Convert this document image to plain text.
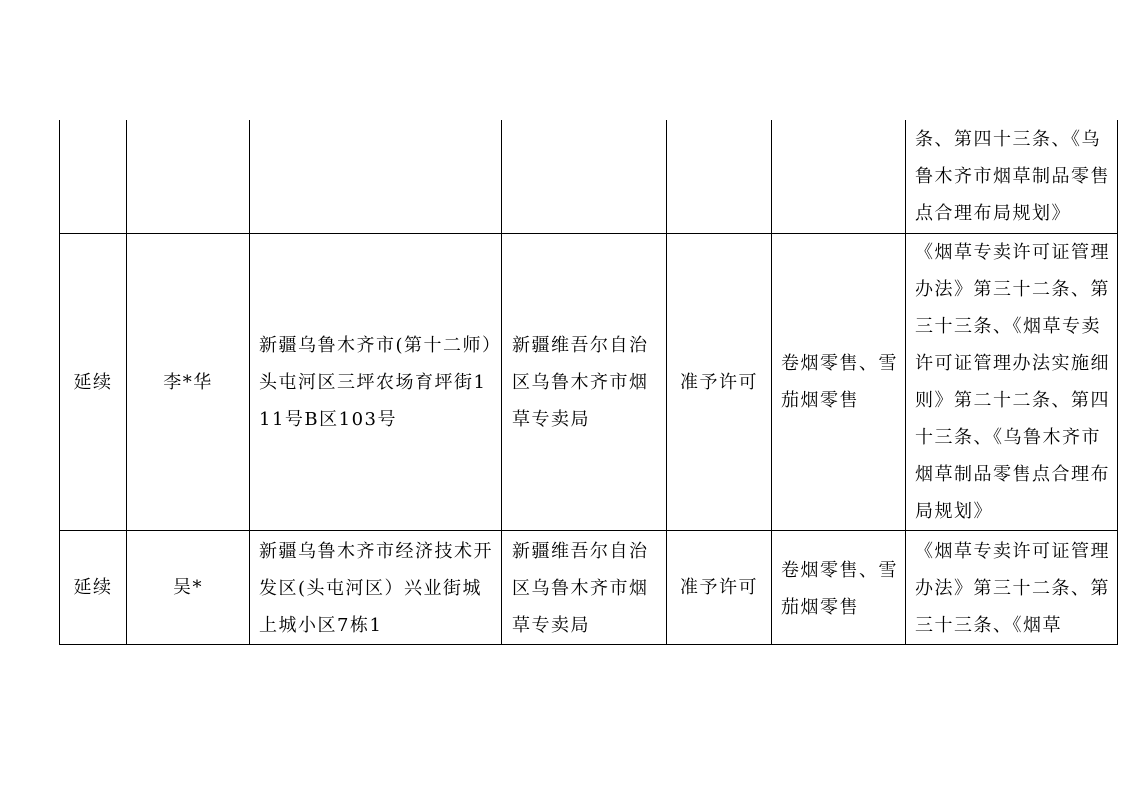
						条、第四十三条、《乌鲁木齐市烟草制品零售点合理布局规划》

延续	李*华	新疆乌鲁木齐市(第十二师）头屯河区三坪农场育坪街111号B区103号	新疆维吾尔自治区乌鲁木齐市烟草专卖局	准予许可	卷烟零售、雪茄烟零售	《烟草专卖许可证管理办法》第三十二条、第三十三条、《烟草专卖许可证管理办法实施细则》第二十二条、第四十三条、《乌鲁木齐市烟草制品零售点合理布局规划》

延续	吴*	新疆乌鲁木齐市经济技术开发区(头屯河区）兴业街城上城小区7栋1	新疆维吾尔自治区乌鲁木齐市烟草专卖局	准予许可	卷烟零售、雪茄烟零售	《烟草专卖许可证管理办法》第三十二条、第三十三条、《烟草
